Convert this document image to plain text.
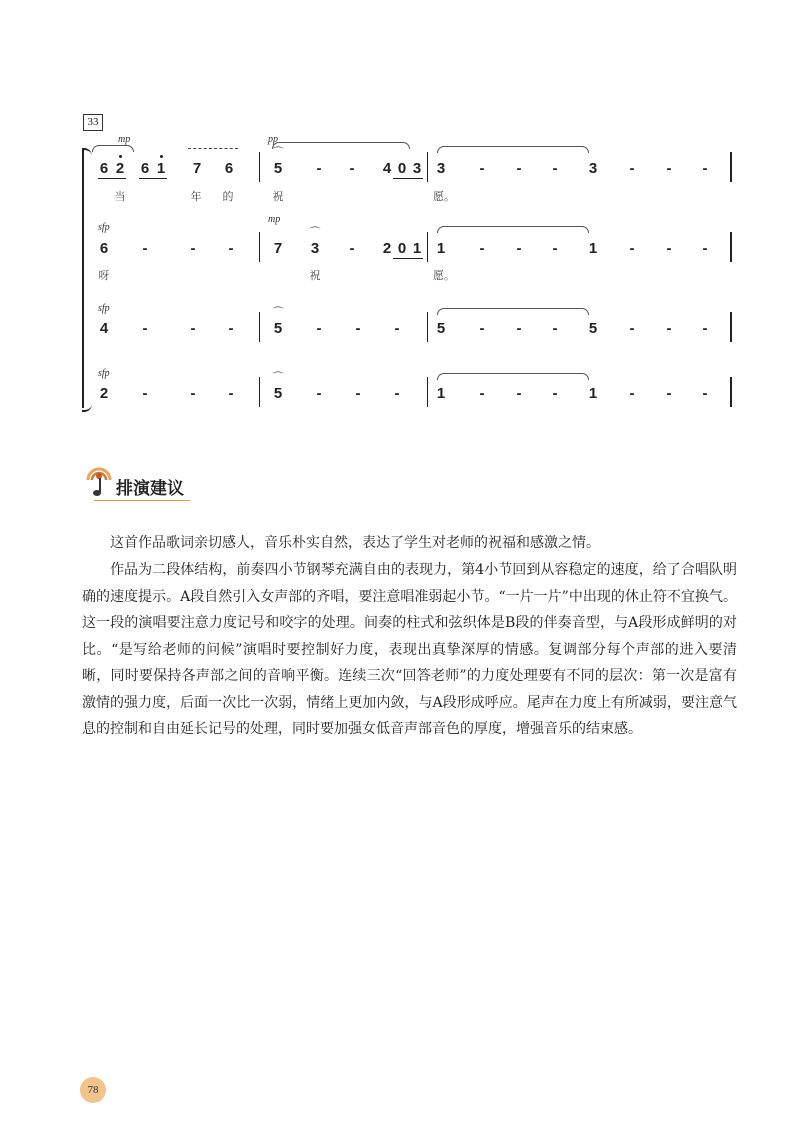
33
mp	pp
6 2 6 1 7 6
⌒
5	-	-	4 0 3 3	-	-	-	3	-	-	-
当	年 的	祝	愿。
sfp
mp
6	-	-	-	7
⌒
3	-	2 0 1 1	-	-	-	1	-	-	-
呀	祝	愿。
sfp
4	-	-	-
⌒
5	-	-	-	5	-	-	-	5	-	-	-
sfp
2	-	-	-
⌒
5	-	-	-	1	-	-	-	1	-	-	-
排演建议
这首作品歌词亲切感人，音乐朴实自然，表达了学生对老师的祝福和感激之情。
作品为二段体结构，前奏四小节钢琴充满自由的表现力，第4小节回到从容稳定的速度，给了合唱队明确的速度提示。A段自然引入女声部的齐唱，要注意唱准弱起小节。“一片一片”中出现的休止符不宜换气。这一段的演唱要注意力度记号和咬字的处理。间奏的柱式和弦织体是B段的伴奏音型，与A段形成鲜明的对比。“是写给老师的问候”演唱时要控制好力度，表现出真挚深厚的情感。复调部分每个声部的进入要清晰，同时要保持各声部之间的音响平衡。连续三次“回答老师”的力度处理要有不同的层次：第一次是富有激情的强力度，后面一次比一次弱，情绪上更加内敛，与A段形成呼应。尾声在力度上有所减弱，要注意气息的控制和自由延长记号的处理，同时要加强女低音声部音色的厚度，增强音乐的结束感。
78
